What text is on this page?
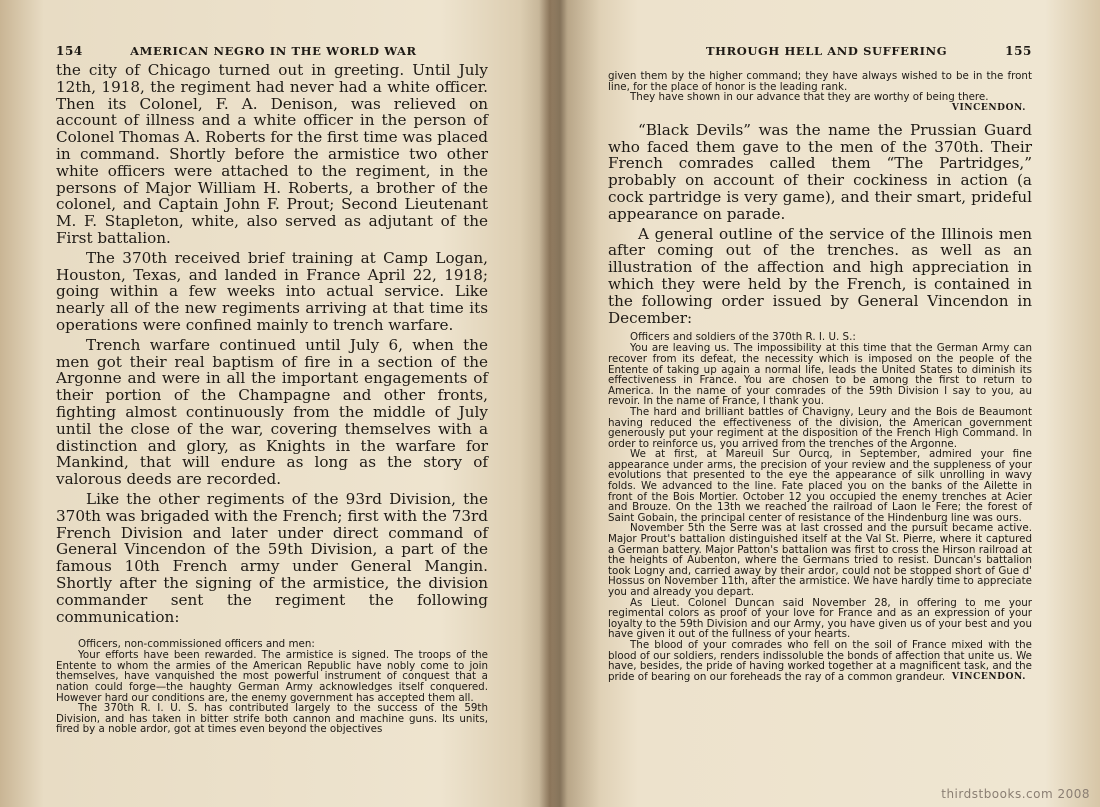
154	AMERICAN NEGRO IN THE WORLD WAR

the city of Chicago turned out in greeting. Until July 12th, 1918, the regiment had never had a white officer. Then its Colonel, F. A. Denison, was relieved on account of illness and a white officer in the person of Colonel Thomas A. Roberts for the first time was placed in command. Shortly before the armistice two other white officers were attached to the regiment, in the persons of Major William H. Roberts, a brother of the colonel, and Captain John F. Prout; Second Lieutenant M. F. Stapleton, white, also served as adjutant of the First battalion.

The 370th received brief training at Camp Logan, Houston, Texas, and landed in France April 22, 1918; going within a few weeks into actual service. Like nearly all of the new regiments arriving at that time its operations were confined mainly to trench warfare.

Trench warfare continued until July 6, when the men got their real baptism of fire in a section of the Argonne and were in all the important engagements of their portion of the Champagne and other fronts, fighting almost continuously from the middle of July until the close of the war, covering themselves with a distinction and glory, as Knights in the warfare for Mankind, that will endure as long as the story of valorous deeds are recorded.

Like the other regiments of the 93rd Division, the 370th was brigaded with the French; first with the 73rd French Division and later under direct command of General Vincendon of the 59th Division, a part of the famous 10th French army under General Mangin. Shortly after the signing of the armistice, the division commander sent the regiment the following communication:

Officers, non-commissioned officers and men:

Your efforts have been rewarded. The armistice is signed. The troops of the Entente to whom the armies of the American Republic have nobly come to join themselves, have vanquished the most powerful instrument of conquest that a nation could forge—the haughty German Army acknowledges itself conquered. However hard our conditions are, the enemy government has accepted them all.

The 370th R. I. U. S. has contributed largely to the success of the 59th Division, and has taken in bitter strife both cannon and machine guns. Its units, fired by a noble ardor, got at times even beyond the objectives

THROUGH HELL AND SUFFERING	155

given them by the higher command; they have always wished to be in the front line, for the place of honor is the leading rank.

They have shown in our advance that they are worthy of being there.

VINCENDON.

“Black Devils” was the name the Prussian Guard who faced them gave to the men of the 370th. Their French comrades called them “The Partridges,” probably on account of their cockiness in action (a cock partridge is very game), and their smart, prideful appearance on parade.

A general outline of the service of the Illinois men after coming out of the trenches. as well as an illustration of the affection and high appreciation in which they were held by the French, is contained in the following order issued by General Vincendon in December:

Officers and soldiers of the 370th R. I. U. S.:

You are leaving us. The impossibility at this time that the German Army can recover from its defeat, the necessity which is imposed on the people of the Entente of taking up again a normal life, leads the United States to diminish its effectiveness in France. You are chosen to be among the first to return to America. In the name of your comrades of the 59th Division I say to you, au revoir. In the name of France, I thank you.

The hard and brilliant battles of Chavigny, Leury and the Bois de Beaumont having reduced the effectiveness of the division, the American government generously put your regiment at the disposition of the French High Command. In order to reinforce us, you arrived from the trenches of the Argonne.

We at first, at Mareuil Sur Ourcq, in September, admired your fine appearance under arms, the precision of your review and the suppleness of your evolutions that presented to the eye the appearance of silk unrolling in wavy folds. We advanced to the line. Fate placed you on the banks of the Ailette in front of the Bois Mortier. October 12 you occupied the enemy trenches at Acier and Brouze. On the 13th we reached the railroad of Laon le Fere; the forest of Saint Gobain, the principal center of resistance of the Hindenburg line was ours.

November 5th the Serre was at last crossed and the pursuit became active. Major Prout's battalion distinguished itself at the Val St. Pierre, where it captured a German battery. Major Patton's battalion was first to cross the Hirson railroad at the heights of Aubenton, where the Germans tried to resist. Duncan's battalion took Logny and, carried away by their ardor, could not be stopped short of Gue d' Hossus on November 11th, after the armistice. We have hardly time to appreciate you and already you depart.

As Lieut. Colonel Duncan said November 28, in offering to me your regimental colors as proof of your love for France and as an expression of your loyalty to the 59th Division and our Army, you have given us of your best and you have given it out of the fullness of your hearts.

The blood of your comrades who fell on the soil of France mixed with the blood of our soldiers, renders indissoluble the bonds of affection that unite us. We have, besides, the pride of having worked together at a magnificent task, and the pride of bearing on our foreheads the ray of a common grandeur. VINCENDON.

thirdstbooks.com 2008
